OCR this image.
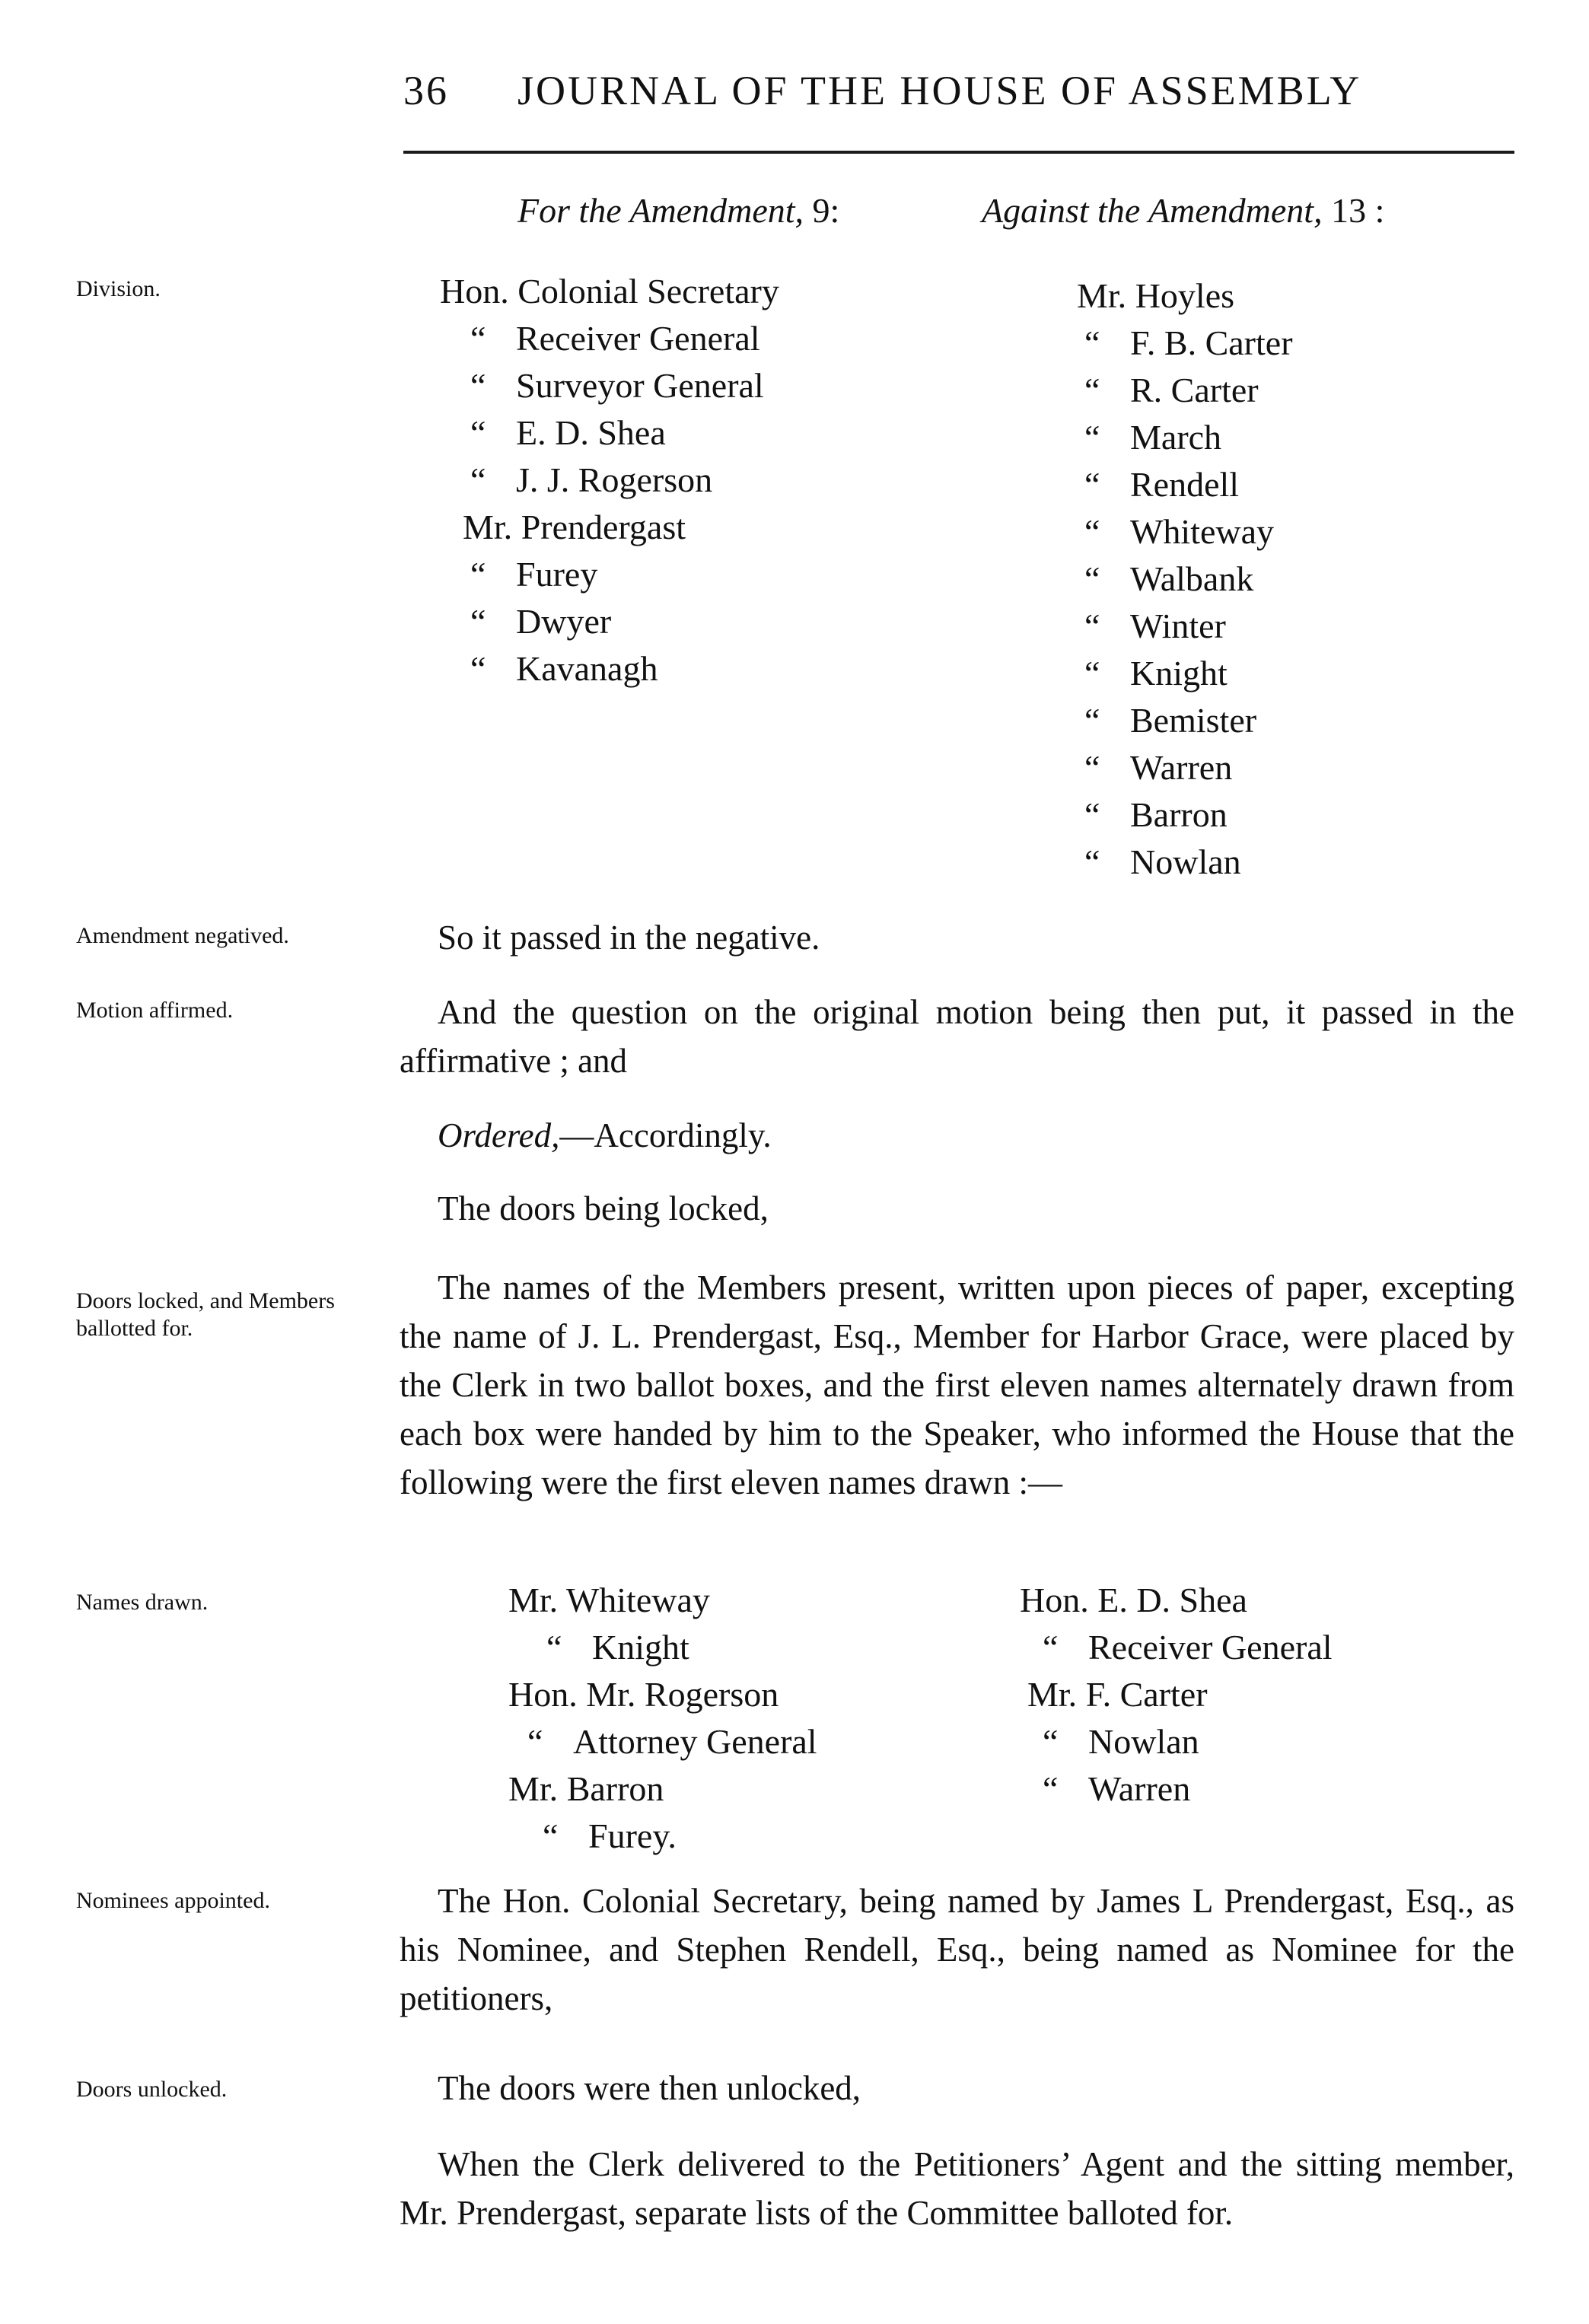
36 JOURNAL OF THE HOUSE OF ASSEMBLY
For the Amendment, 9:	Against the Amendment, 13 :
Division.
Amendment negatived.
Motion affirmed.
Doors locked, and Members ballotted for.
Names drawn.
Nominees appointed.
Doors unlocked.
Hon. Colonial Secretary
“ Receiver General
“ Surveyor General
“ E. D. Shea
“ J. J. Rogerson
Mr. Prendergast
“ Furey
“ Dwyer
“ Kavanagh
Mr. Hoyles
“ F. B. Carter
“ R. Carter
“ March
“ Rendell
“ Whiteway
“ Walbank
“ Winter
“ Knight
“ Bemister
“ Warren
“ Barron
“ Nowlan

So it passed in the negative.

And the question on the original motion being then put, it passed in the affirmative ; and

Ordered,—Accordingly.

The doors being locked,

The names of the Members present, written upon pieces of paper, excepting the name of J. L. Prendergast, Esq., Member for Harbor Grace, were placed by the Clerk in two ballot boxes, and the first eleven names alternately drawn from each box were handed by him to the Speaker, who informed the House that the following were the first eleven names drawn :—

Mr. Whiteway
“ Knight
Hon. Mr. Rogerson
“ Attorney General
Mr. Barron
“ Furey.
Hon. E. D. Shea
“ Receiver General
Mr. F. Carter
“ Nowlan
“ Warren

The Hon. Colonial Secretary, being named by James L Prendergast, Esq., as his Nominee, and Stephen Rendell, Esq., being named as Nominee for the petitioners,

The doors were then unlocked,

When the Clerk delivered to the Petitioners’ Agent and the sitting member, Mr. Prendergast, separate lists of the Committee balloted for.
